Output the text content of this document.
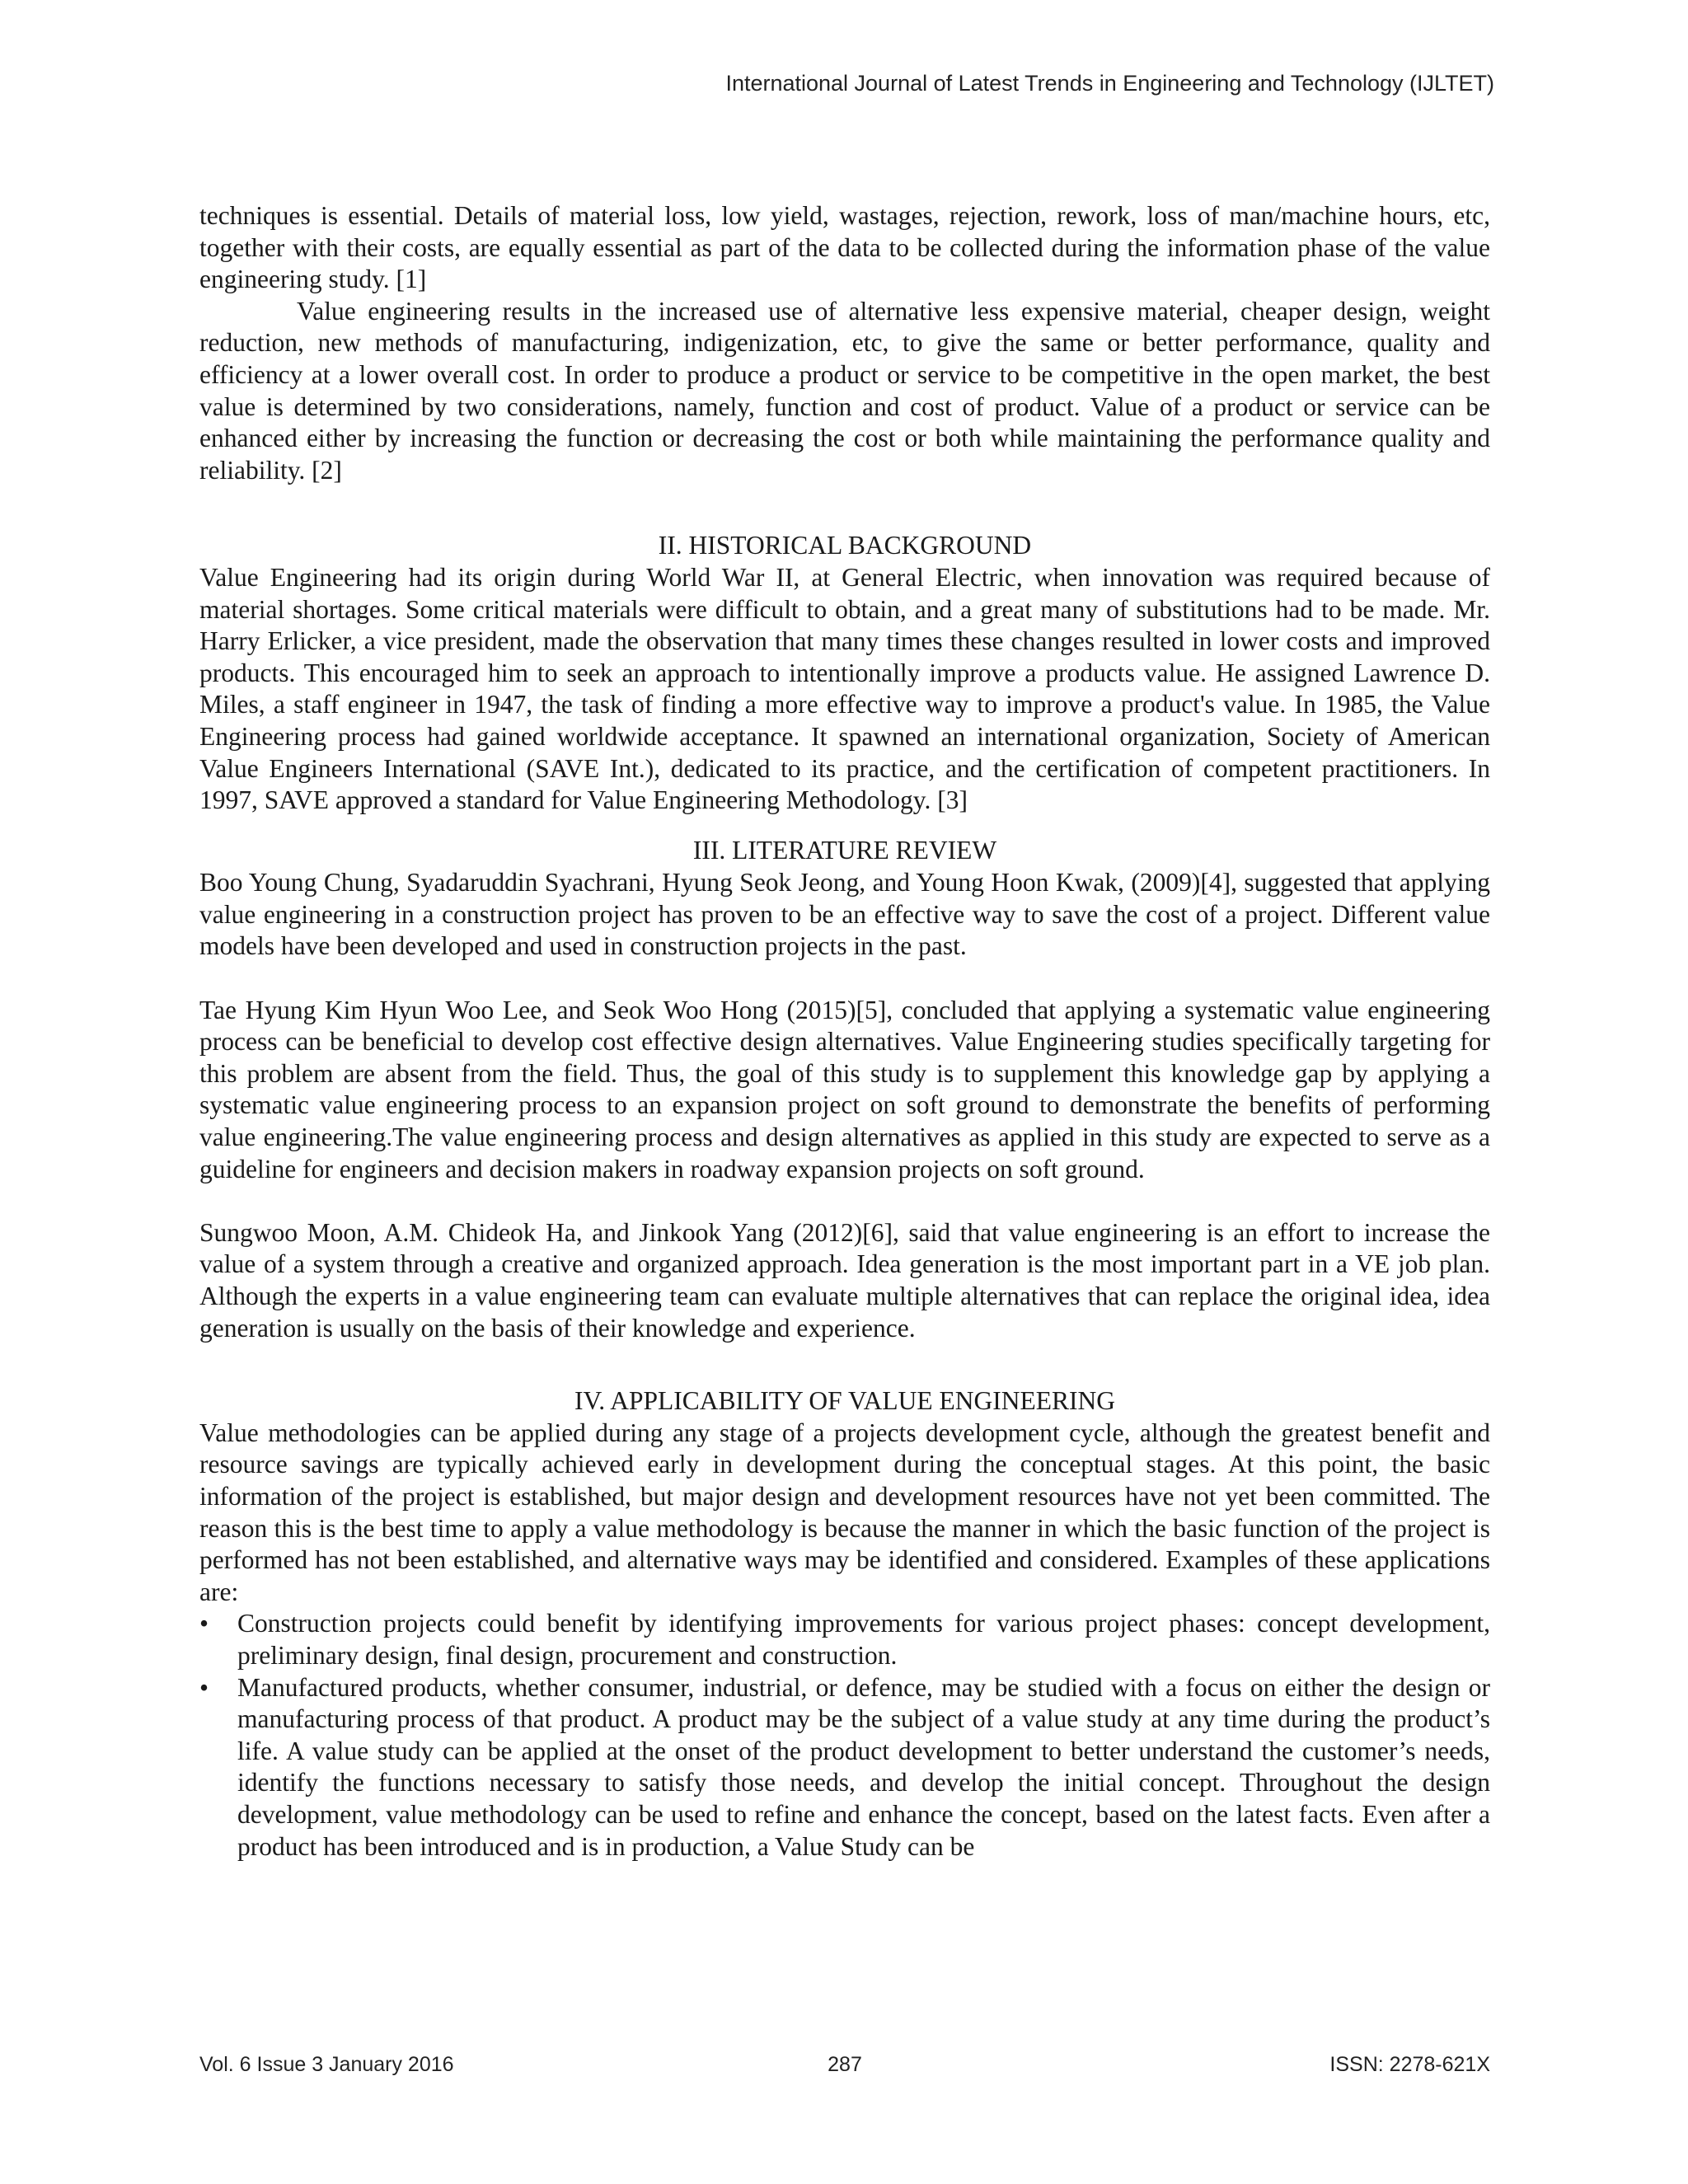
International Journal of Latest Trends in Engineering and Technology (IJLTET)

techniques is essential. Details of material loss, low yield, wastages, rejection, rework, loss of man/machine hours, etc, together with their costs, are equally essential as part of the data to be collected during the information phase of the value engineering study. [1]

Value engineering results in the increased use of alternative less expensive material, cheaper design, weight reduction, new methods of manufacturing, indigenization, etc, to give the same or better performance, quality and efficiency at a lower overall cost. In order to produce a product or service to be competitive in the open market, the best value is determined by two considerations, namely, function and cost of product. Value of a product or service can be enhanced either by increasing the function or decreasing the cost or both while maintaining the performance quality and reliability. [2]

II. HISTORICAL BACKGROUND

Value Engineering had its origin during World War II, at General Electric, when innovation was required because of material shortages. Some critical materials were difficult to obtain, and a great many of substitutions had to be made. Mr. Harry Erlicker, a vice president, made the observation that many times these changes resulted in lower costs and improved products. This encouraged him to seek an approach to intentionally improve a products value. He assigned Lawrence D. Miles, a staff engineer in 1947, the task of finding a more effective way to improve a product's value. In 1985, the Value Engineering process had gained worldwide acceptance. It spawned an international organization, Society of American Value Engineers International (SAVE Int.), dedicated to its practice, and the certification of competent practitioners. In 1997, SAVE approved a standard for Value Engineering Methodology. [3]

III. LITERATURE REVIEW

Boo Young Chung, Syadaruddin Syachrani, Hyung Seok Jeong, and Young Hoon Kwak, (2009)[4], suggested that applying value engineering in a construction project has proven to be an effective way to save the cost of a project. Different value models have been developed and used in construction projects in the past.

Tae Hyung Kim Hyun Woo Lee, and Seok Woo Hong (2015)[5], concluded that applying a systematic value engineering process can be beneficial to develop cost effective design alternatives. Value Engineering studies specifically targeting for this problem are absent from the field. Thus, the goal of this study is to supplement this knowledge gap by applying a systematic value engineering process to an expansion project on soft ground to demonstrate the benefits of performing value engineering.The value engineering process and design alternatives as applied in this study are expected to serve as a guideline for engineers and decision makers in roadway expansion projects on soft ground.

Sungwoo Moon, A.M. Chideok Ha, and Jinkook Yang (2012)[6], said that value engineering is an effort to increase the value of a system through a creative and organized approach. Idea generation is the most important part in a VE job plan. Although the experts in a value engineering team can evaluate multiple alternatives that can replace the original idea, idea generation is usually on the basis of their knowledge and experience.

IV. APPLICABILITY OF VALUE ENGINEERING

Value methodologies can be applied during any stage of a projects development cycle, although the greatest benefit and resource savings are typically achieved early in development during the conceptual stages. At this point, the basic information of the project is established, but major design and development resources have not yet been committed. The reason this is the best time to apply a value methodology is because the manner in which the basic function of the project is performed has not been established, and alternative ways may be identified and considered. Examples of these applications are:

• Construction projects could benefit by identifying improvements for various project phases: concept development, preliminary design, final design, procurement and construction.
• Manufactured products, whether consumer, industrial, or defence, may be studied with a focus on either the design or manufacturing process of that product. A product may be the subject of a value study at any time during the product’s life. A value study can be applied at the onset of the product development to better understand the customer’s needs, identify the functions necessary to satisfy those needs, and develop the initial concept. Throughout the design development, value methodology can be used to refine and enhance the concept, based on the latest facts. Even after a product has been introduced and is in production, a Value Study can be
Vol. 6 Issue 3 January 2016	287	ISSN: 2278-621X
